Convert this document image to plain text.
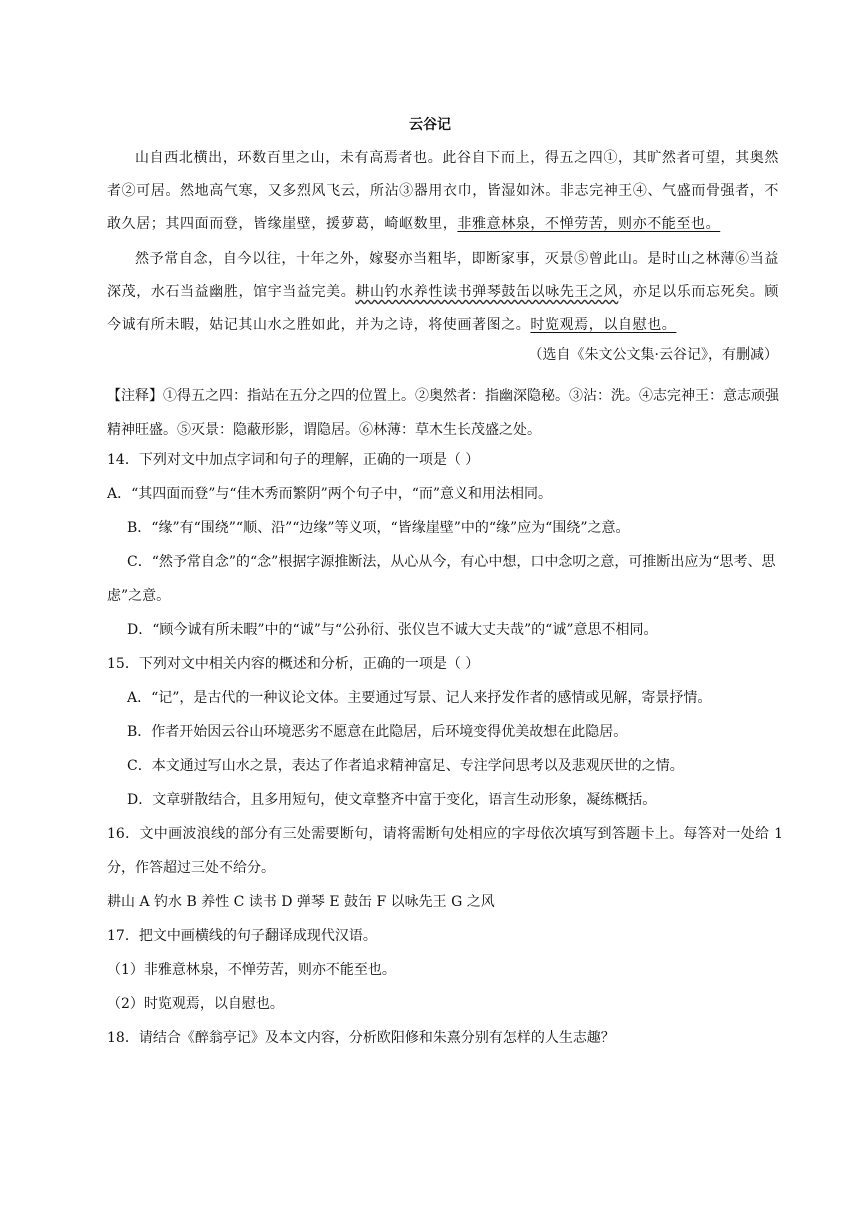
云谷记
山自西北横出，环数百里之山，未有高焉者也。此谷自下而上，得五之四①，其旷然者可望，其奥然者②可居。然地高气寒，又多烈风飞云，所沾③器用衣巾，皆湿如沐。非志完神王④、气盛而骨强者，不敢久居；其四面而登，皆缘崖壁，援萝葛，崎岖数里，非雅意林泉，不惮劳苦，则亦不能至也。
然予常自念，自今以往，十年之外，嫁娶亦当粗毕，即断家事，灭景⑤曾此山。是时山之林薄⑥当益深茂，水石当益幽胜，馆宇当益完美。耕山钓水养性读书弹琴鼓缶以咏先王之风，亦足以乐而忘死矣。顾今诚有所未暇，姑记其山水之胜如此，并为之诗，将使画著图之。时览观焉，以自慰也。
（选自《朱文公文集·云谷记》，有删减）
【注释】①得五之四：指站在五分之四的位置上。②奥然者：指幽深隐秘。③沾：洗。④志完神王：意志顽强精神旺盛。⑤灭景：隐蔽形影，谓隐居。⑥林薄：草木生长茂盛之处。
14．下列对文中加点字词和句子的理解，正确的一项是（ ）
A．“其四面而登”与“佳木秀而繁阴”两个句子中，“而”意义和用法相同。
B．“缘”有“围绕”“顺、沿”“边缘”等义项，“皆缘崖壁”中的“缘”应为“围绕”之意。
C．“然予常自念”的“念”根据字源推断法，从心从今，有心中想，口中念叨之意，可推断出应为“思考、思虑”之意。
D．“顾今诚有所未暇”中的“诚”与“公孙衍、张仪岂不诚大丈夫哉”的“诚”意思不相同。
15．下列对文中相关内容的概述和分析，正确的一项是（ ）
A．“记”，是古代的一种议论文体。主要通过写景、记人来抒发作者的感情或见解，寄景抒情。
B．作者开始因云谷山环境恶劣不愿意在此隐居，后环境变得优美故想在此隐居。
C．本文通过写山水之景，表达了作者追求精神富足、专注学问思考以及悲观厌世的之情。
D．文章骈散结合，且多用短句，使文章整齐中富于变化，语言生动形象，凝练概括。
16．文中画波浪线的部分有三处需要断句，请将需断句处相应的字母依次填写到答题卡上。每答对一处给 1 分，作答超过三处不给分。
耕山 A 钓水 B 养性 C 读书 D 弹琴 E 鼓缶 F 以咏先王 G 之风
17．把文中画横线的句子翻译成现代汉语。
（1）非雅意林泉，不惮劳苦，则亦不能至也。
（2）时览观焉，以自慰也。
18．请结合《醉翁亭记》及本文内容，分析欧阳修和朱熹分别有怎样的人生志趣？
